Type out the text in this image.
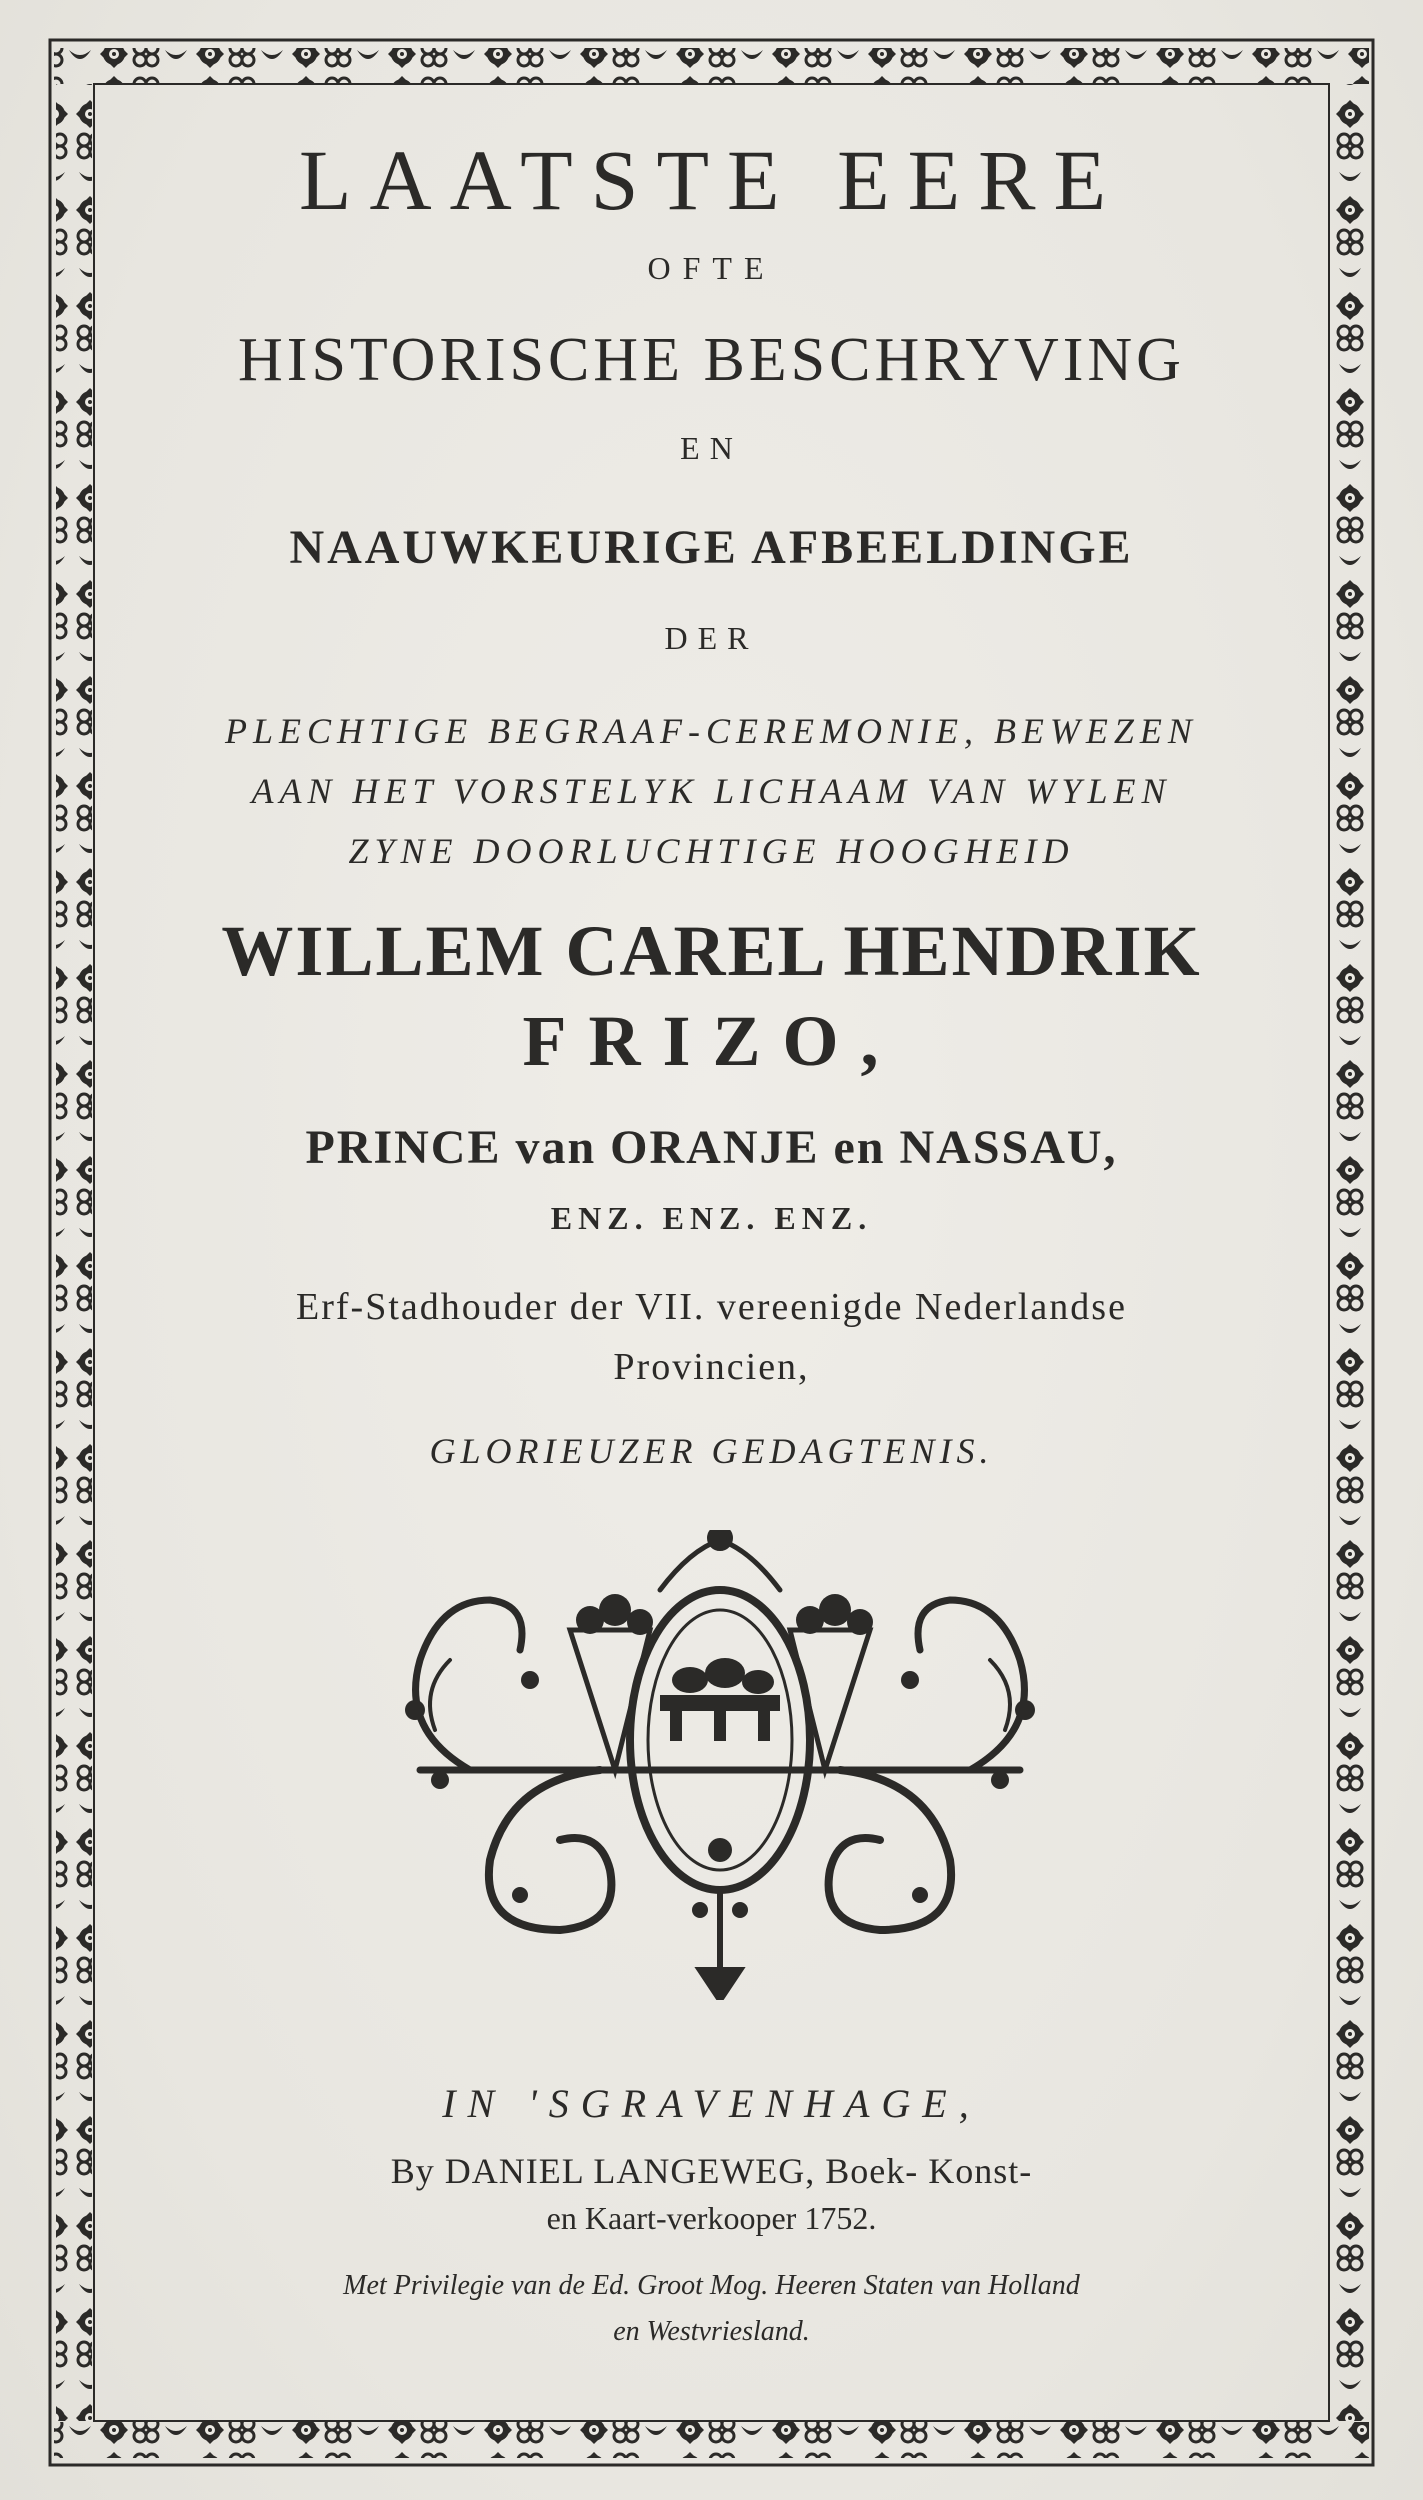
LAATSTE EERE
OFTE
HISTORISCHE BESCHRYVING
EN
NAAUWKEURIGE AFBEELDINGE
DER
PLECHTIGE BEGRAAF-CEREMONIE, BEWEZEN
AAN HET VORSTELYK LICHAAM VAN WYLEN
ZYNE DOORLUCHTIGE HOOGHEID
WILLEM CAREL HENDRIK
FRIZO,
PRINCE van ORANJE en NASSAU,
ENZ. ENZ. ENZ.
Erf-Stadhouder der VII. vereenigde Nederlandse
Provincien,
GLORIEUZER GEDAGTENIS.
IN 'SGRAVENHAGE,
By DANIEL LANGEWEG, Boek- Konst-
en Kaart-verkooper 1752.
Met Privilegie van de Ed. Groot Mog. Heeren Staten van Holland
en Westvriesland.
